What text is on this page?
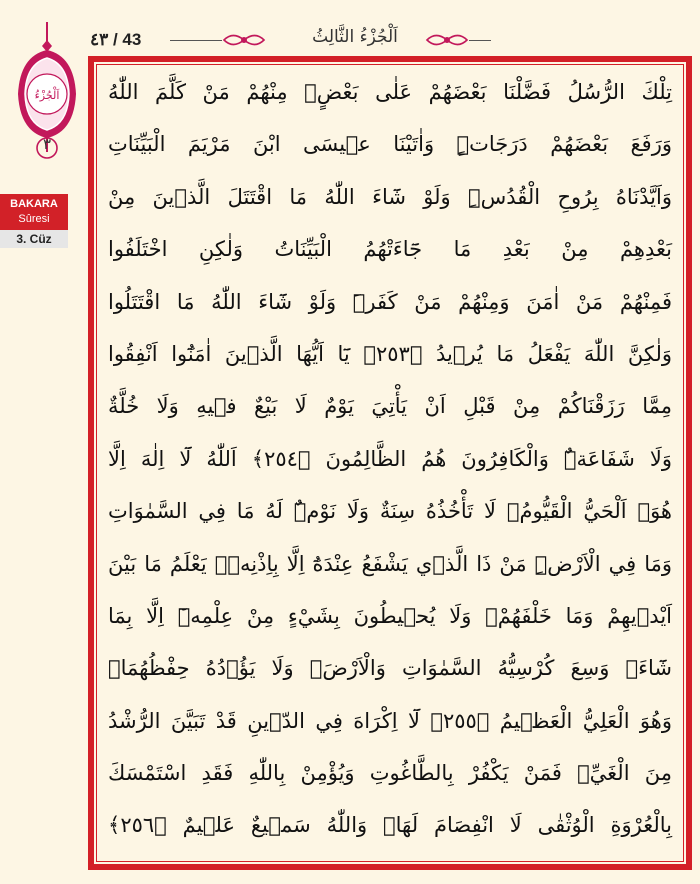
٤٣ / 43	اَلْجُزْءُ الثَّالِثُ
اَلْجُزْءُ
٣
BAKARA
Sûresi
3. Cüz
تِلْكَ الرُّسُلُ فَضَّلْنَا بَعْضَهُمْ عَلٰى بَعْضٍۢ مِنْهُمْ مَنْ كَلَّمَ اللّٰهُ
وَرَفَعَ بَعْضَهُمْ دَرَجَاتٍۜ وَاٰتَيْنَا عٖيسَى ابْنَ مَرْيَمَ الْبَيِّنَاتِ
وَاَيَّدْنَاهُ بِرُوحِ الْقُدُسِۜ وَلَوْ شَٓاءَ اللّٰهُ مَا اقْتَتَلَ الَّذٖينَ مِنْ
بَعْدِهِمْ مِنْ بَعْدِ مَا جَٓاءَتْهُمُ الْبَيِّنَاتُ وَلٰكِنِ اخْتَلَفُوا
فَمِنْهُمْ مَنْ اٰمَنَ وَمِنْهُمْ مَنْ كَفَرَۜ وَلَوْ شَٓاءَ اللّٰهُ مَا اقْتَتَلُوا
وَلٰكِنَّ اللّٰهَ يَفْعَلُ مَا يُرٖيدُ ﴿٢٥٣﴾ يَٓا اَيُّهَا الَّذٖينَ اٰمَنُٓوا اَنْفِقُوا
مِمَّا رَزَقْنَاكُمْ مِنْ قَبْلِ اَنْ يَأْتِيَ يَوْمٌ لَا بَيْعٌ فٖيهِ وَلَا خُلَّةٌ
وَلَا شَفَاعَةٌۜ وَالْكَافِرُونَ هُمُ الظَّالِمُونَ ﴿٢٥٤﴾ اَللّٰهُ لَٓا اِلٰهَ اِلَّا
هُوَۚ اَلْحَيُّ الْقَيُّومُۚ لَا تَأْخُذُهُ سِنَةٌ وَلَا نَوْمٌۜ لَهُ مَا فِي السَّمٰوَاتِ
وَمَا فِي الْاَرْضِۜ مَنْ ذَا الَّذٖي يَشْفَعُ عِنْدَهُٓ اِلَّا بِاِذْنِهٖۜ يَعْلَمُ مَا بَيْنَ
اَيْدٖيهِمْ وَمَا خَلْفَهُمْۚ وَلَا يُحٖيطُونَ بِشَيْءٍ مِنْ عِلْمِهٖٓ اِلَّا بِمَا
شَٓاءَۚ وَسِعَ كُرْسِيُّهُ السَّمٰوَاتِ وَالْاَرْضَۚ وَلَا يَؤُ۫دُهُ حِفْظُهُمَاۚ
وَهُوَ الْعَلِيُّ الْعَظٖيمُ ﴿٢٥٥﴾ لَٓا اِكْرَاهَ فِي الدّٖينِ قَدْ تَبَيَّنَ الرُّشْدُ
مِنَ الْغَيِّۚ فَمَنْ يَكْفُرْ بِالطَّاغُوتِ وَيُؤْمِنْ بِاللّٰهِ فَقَدِ اسْتَمْسَكَ
بِالْعُرْوَةِ الْوُثْقٰى لَا انْفِصَامَ لَهَاۜ وَاللّٰهُ سَمٖيعٌ عَلٖيمٌ ﴿٢٥٦﴾
